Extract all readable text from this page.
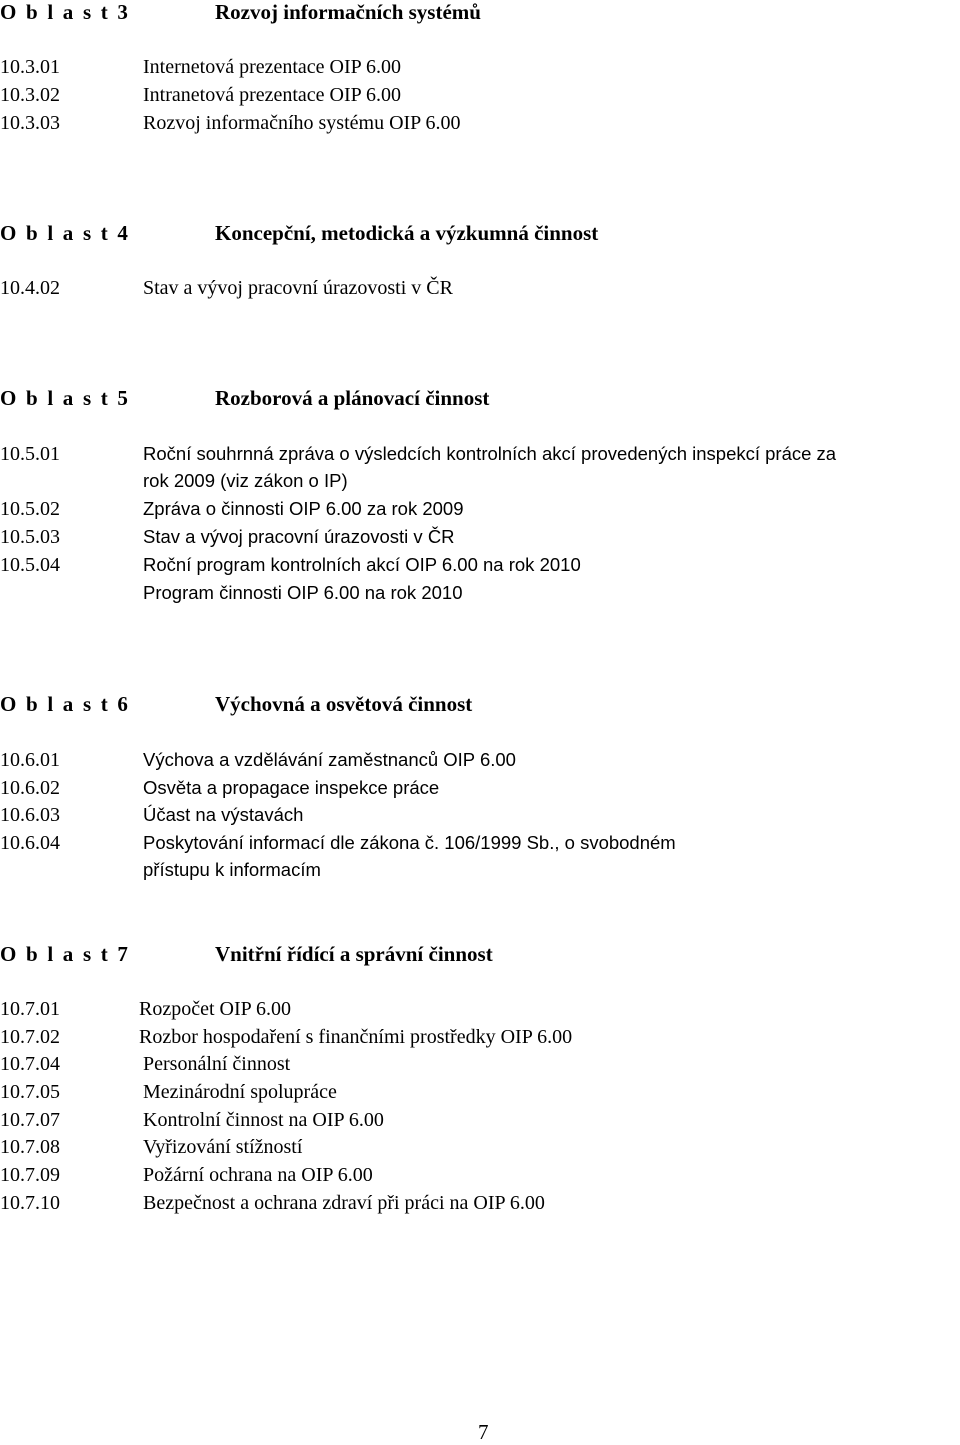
O b l a s t 3	Rozvoj informačních systémů
10.3.01	Internetová prezentace OIP 6.00
10.3.02	Intranetová prezentace OIP 6.00
10.3.03	Rozvoj informačního systému OIP 6.00
O b l a s t 4	Koncepční, metodická a výzkumná činnost
10.4.02	Stav a vývoj pracovní úrazovosti v ČR
O b l a s t 5	Rozborová a plánovací činnost
10.5.01	Roční souhrnná zpráva o výsledcích kontrolních akcí provedených inspekcí práce za
rok 2009 (viz zákon o IP)
10.5.02	Zpráva o činnosti OIP 6.00 za rok 2009
10.5.03	Stav a vývoj pracovní úrazovosti v ČR
10.5.04	Roční program kontrolních akcí OIP 6.00 na rok 2010
Program činnosti OIP 6.00 na rok 2010
O b l a s t 6	Výchovná a osvětová činnost
10.6.01	Výchova a vzdělávání zaměstnanců OIP 6.00
10.6.02	Osvěta a propagace inspekce práce
10.6.03	Účast na výstavách
10.6.04	Poskytování informací dle zákona č. 106/1999 Sb., o svobodném
přístupu k informacím
O b l a s t 7	Vnitřní řídící a správní činnost
10.7.01	Rozpočet OIP 6.00
10.7.02	Rozbor hospodaření s finančními prostředky OIP 6.00
10.7.04	Personální činnost
10.7.05	Mezinárodní spolupráce
10.7.07	Kontrolní činnost na OIP 6.00
10.7.08	Vyřizování stížností
10.7.09	Požární ochrana na OIP 6.00
10.7.10	Bezpečnost a ochrana zdraví při práci na OIP 6.00
7
